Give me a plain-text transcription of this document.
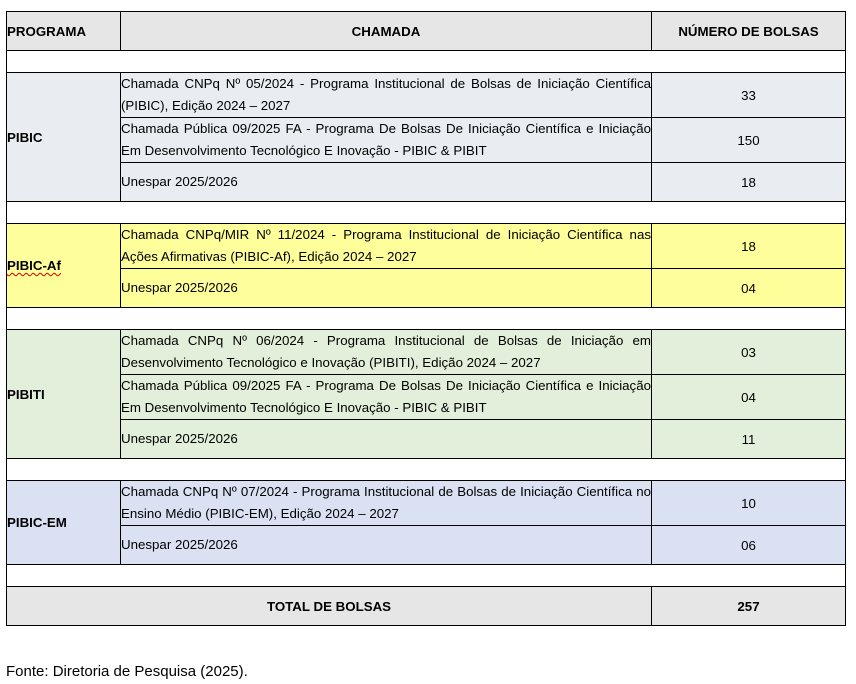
PROGRAMA	CHAMADA	NÚMERO DE BOLSAS

PIBIC	Chamada CNPq Nº 05/2024 - Programa Institucional de Bolsas de Iniciação Científica (PIBIC), Edição 2024 – 2027	33
	Chamada Pública 09/2025 FA - Programa De Bolsas De Iniciação Científica e Iniciação Em Desenvolvimento Tecnológico E Inovação - PIBIC & PIBIT	150
	Unespar 2025/2026	18

PIBIC-Af	Chamada CNPq/MIR Nº 11/2024 - Programa Institucional de Iniciação Científica nas Ações Afirmativas (PIBIC-Af), Edição 2024 – 2027	18
	Unespar 2025/2026	04

PIBITI	Chamada CNPq Nº 06/2024 - Programa Institucional de Bolsas de Iniciação em Desenvolvimento Tecnológico e Inovação (PIBITI), Edição 2024 – 2027	03
	Chamada Pública 09/2025 FA - Programa De Bolsas De Iniciação Científica e Iniciação Em Desenvolvimento Tecnológico E Inovação - PIBIC & PIBIT	04
	Unespar 2025/2026	11

PIBIC-EM	Chamada CNPq Nº 07/2024 - Programa Institucional de Bolsas de Iniciação Científica no Ensino Médio (PIBIC-EM), Edição 2024 – 2027	10
	Unespar 2025/2026	06

TOTAL DE BOLSAS		257
Fonte: Diretoria de Pesquisa (2025).
